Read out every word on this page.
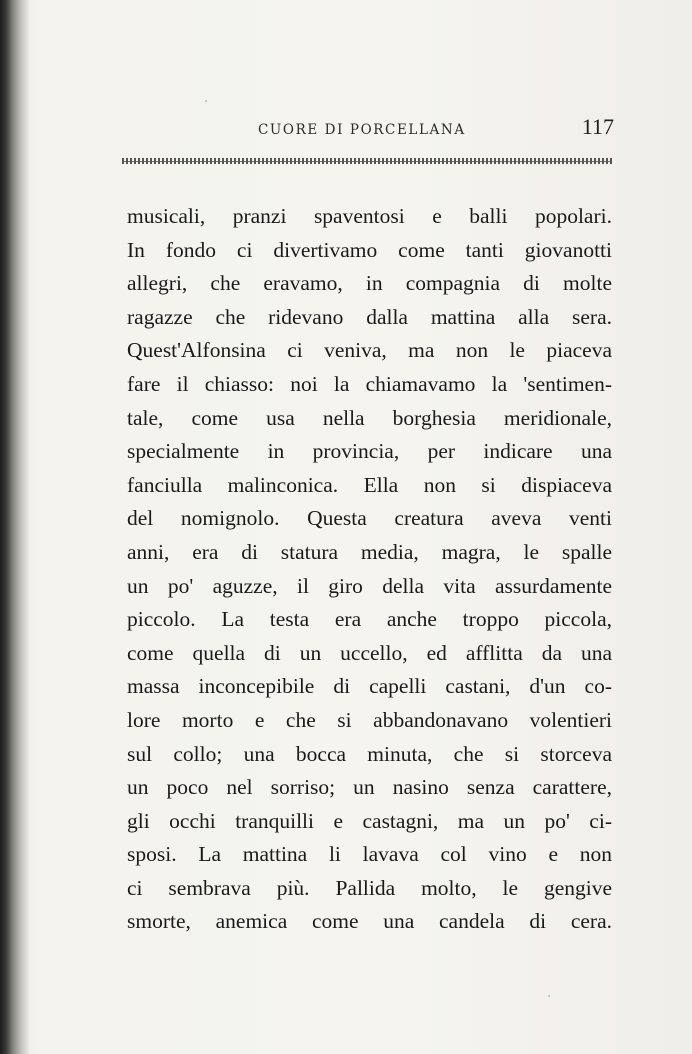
CUORE DI PORCELLANA	117
musicali, pranzi spaventosi e balli popolari.
In fondo ci divertivamo come tanti giovanotti
allegri, che eravamo, in compagnia di molte
ragazze che ridevano dalla mattina alla sera.
Quest'Alfonsina ci veniva, ma non le piaceva
fare il chiasso: noi la chiamavamo la 'sentimen-
tale, come usa nella borghesia meridionale,
specialmente in provincia, per indicare una
fanciulla malinconica. Ella non si dispiaceva
del nomignolo. Questa creatura aveva venti
anni, era di statura media, magra, le spalle
un po' aguzze, il giro della vita assurdamente
piccolo. La testa era anche troppo piccola,
come quella di un uccello, ed afflitta da una
massa inconcepibile di capelli castani, d'un co-
lore morto e che si abbandonavano volentieri
sul collo; una bocca minuta, che si storceva
un poco nel sorriso; un nasino senza carattere,
gli occhi tranquilli e castagni, ma un po' ci-
sposi. La mattina li lavava col vino e non
ci sembrava più. Pallida molto, le gengive
smorte, anemica come una candela di cera.
